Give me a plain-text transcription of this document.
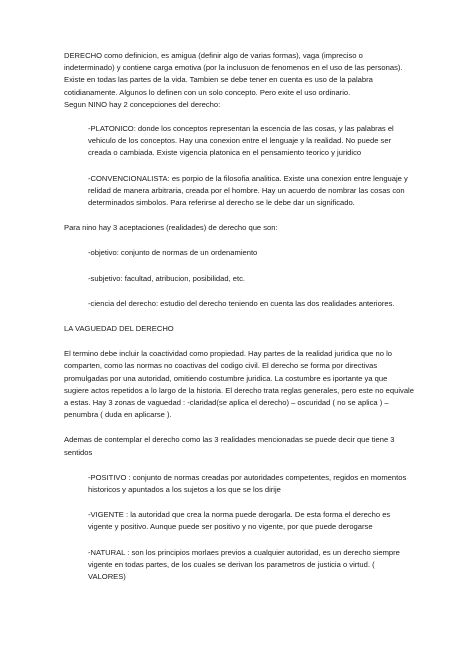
DERECHO como definicion, es amigua (definir algo de varias formas), vaga (impreciso o indeterminado) y contiene carga emotiva (por la inclusuon de fenomenos en el uso de las personas). Existe en todas las partes de la vida. Tambien se debe tener en cuenta es uso de la palabra cotidianamente. Algunos lo definen con un solo concepto. Pero exite el uso ordinario.

Segun NINO hay 2 concepciones del derecho:

-PLATONICO: donde los conceptos representan la escencia de las cosas, y las palabras el vehiculo de los conceptos. Hay una conexion entre el lenguaje y la realidad. No puede ser creada o cambiada. Existe vigencia platonica en el pensamiento teorico y juridico

-CONVENCIONALISTA: es porpio de la filosofia analitica. Existe una conexion entre lenguaje y relidad de manera arbitraria, creada por el hombre. Hay un acuerdo de nombrar las cosas con determinados simbolos. Para referirse al derecho se le debe dar un significado.

Para nino hay 3 aceptaciones (realidades) de derecho que son:

-objetivo: conjunto de normas de un ordenamiento

-subjetivo: facultad, atribucion, posibilidad, etc.

-ciencia del derecho: estudio del derecho teniendo en cuenta las dos realidades anteriores.

LA VAGUEDAD DEL DERECHO

El termino debe incluir la coactividad como propiedad. Hay partes de la realidad juridica que no lo comparten, como las normas no coactivas del codigo civil. El derecho se forma por directivas promulgadas por una autoridad, omitiendo costumbre juridica. La costumbre es iportante ya que sugiere actos repetidos a lo largo de la historia. El derecho trata reglas generales, pero este no equivale a estas. Hay 3 zonas de vaguedad : -claridad(se aplica el derecho) – oscuridad ( no se aplica ) – penumbra ( duda en aplicarse ).

Ademas de contemplar el derecho como las 3 realidades mencionadas se puede decir que tiene 3 sentidos

-POSITIVO : conjunto de normas creadas por autoridades competentes, regidos en momentos historicos y apuntados a los sujetos a los que se los dirije

-VIGENTE : la autoridad que crea la norma puede derogarla. De esta forma el derecho es vigente y positivo. Aunque puede ser positivo y no vigente, por que puede derogarse

-NATURAL : son los principios morlaes previos a cualquier autoridad, es un derecho siempre vigente en todas partes, de los cuales se derivan los parametros de justicia o virtud. ( VALORES)
